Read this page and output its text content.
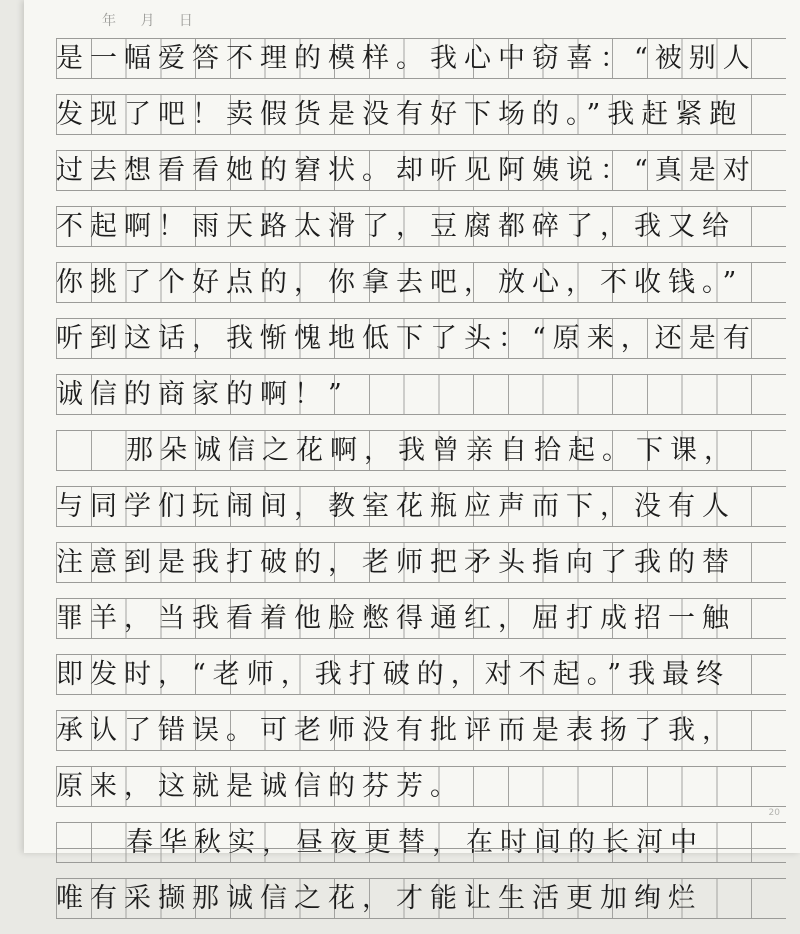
年 月 日
是一幅爱答不理的模样。我心中窃喜：“被别人
发现了吧！卖假货是没有好下场的。”我赶紧跑
过去想看看她的窘状。却听见阿姨说：“真是对
不起啊！雨天路太滑了，豆腐都碎了，我又给
你挑了个好点的，你拿去吧，放心，不收钱。”
听到这话，我惭愧地低下了头：“原来，还是有
诚信的商家的啊！”
那朵诚信之花啊，我曾亲自拾起。下课，
与同学们玩闹间，教室花瓶应声而下，没有人
注意到是我打破的，老师把矛头指向了我的替
罪羊，当我看着他脸憋得通红，屈打成招一触
即发时，“老师，我打破的，对不起。”我最终
承认了错误。可老师没有批评而是表扬了我，
原来，这就是诚信的芬芳。
20
春华秋实，昼夜更替，在时间的长河中
唯有采撷那诚信之花，才能让生活更加绚烂
